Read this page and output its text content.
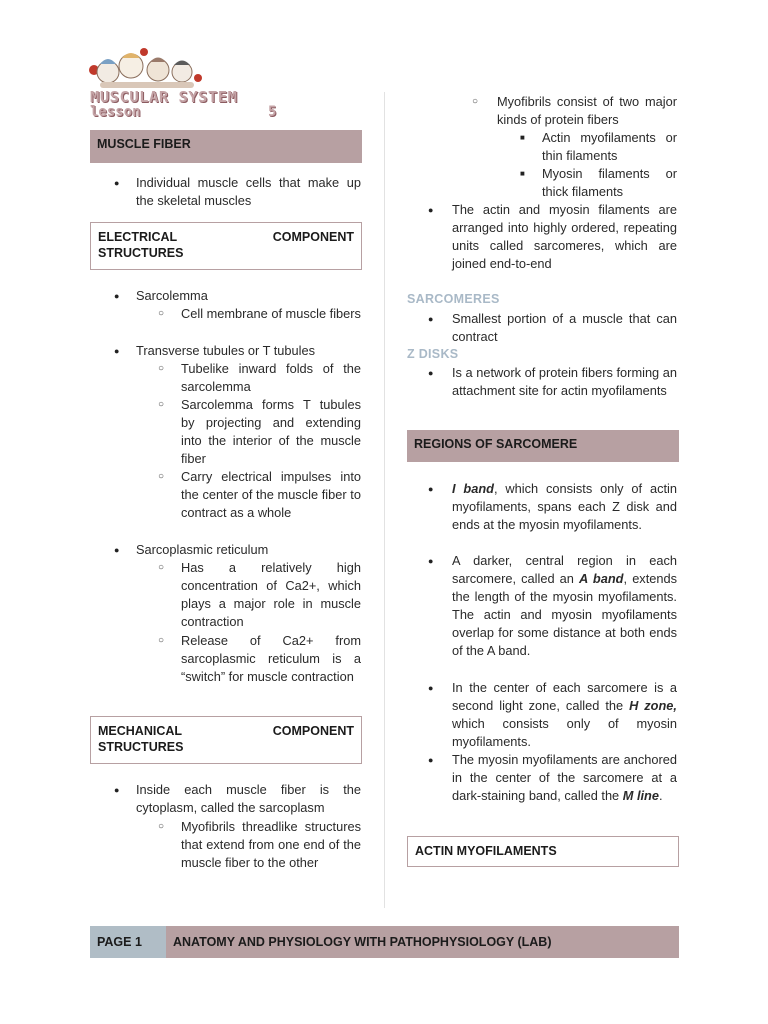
MUSCULAR SYSTEM
lesson	5
MUSCLE FIBER
● Individual muscle cells that make up the skeletal muscles
ELECTRICAL	COMPONENT
STRUCTURES
● Sarcolemma
○ Cell membrane of muscle fibers
● Transverse tubules or T tubules
○ Tubelike inward folds of the sarcolemma
○ Sarcolemma forms T tubules by projecting and extending into the interior of the muscle fiber
○ Carry electrical impulses into the center of the muscle fiber to contract as a whole
● Sarcoplasmic reticulum
○ Has a relatively high concentration of Ca2+, which plays a major role in muscle contraction
○ Release of Ca2+ from sarcoplasmic reticulum is a “switch” for muscle contraction
MECHANICAL	COMPONENT
STRUCTURES
● Inside each muscle fiber is the cytoplasm, called the sarcoplasm
○ Myofibrils threadlike structures that extend from one end of the muscle fiber to the other
○ Myofibrils consist of two major kinds of protein fibers
■ Actin myofilaments or thin filaments
■ Myosin filaments or thick filaments
● The actin and myosin filaments are arranged into highly ordered, repeating units called sarcomeres, which are joined end-to-end
SARCOMERES
● Smallest portion of a muscle that can contract
Z DISKS
● Is a network of protein fibers forming an attachment site for actin myofilaments
REGIONS OF SARCOMERE
● I band, which consists only of actin myofilaments, spans each Z disk and ends at the myosin myofilaments.
● A darker, central region in each sarcomere, called an A band, extends the length of the myosin myofilaments. The actin and myosin myofilaments overlap for some distance at both ends of the A band.
● In the center of each sarcomere is a second light zone, called the H zone, which consists only of myosin myofilaments.
● The myosin myofilaments are anchored in the center of the sarcomere at a dark-staining band, called the M line.
ACTIN MYOFILAMENTS
PAGE 1	ANATOMY AND PHYSIOLOGY WITH PATHOPHYSIOLOGY (LAB)
